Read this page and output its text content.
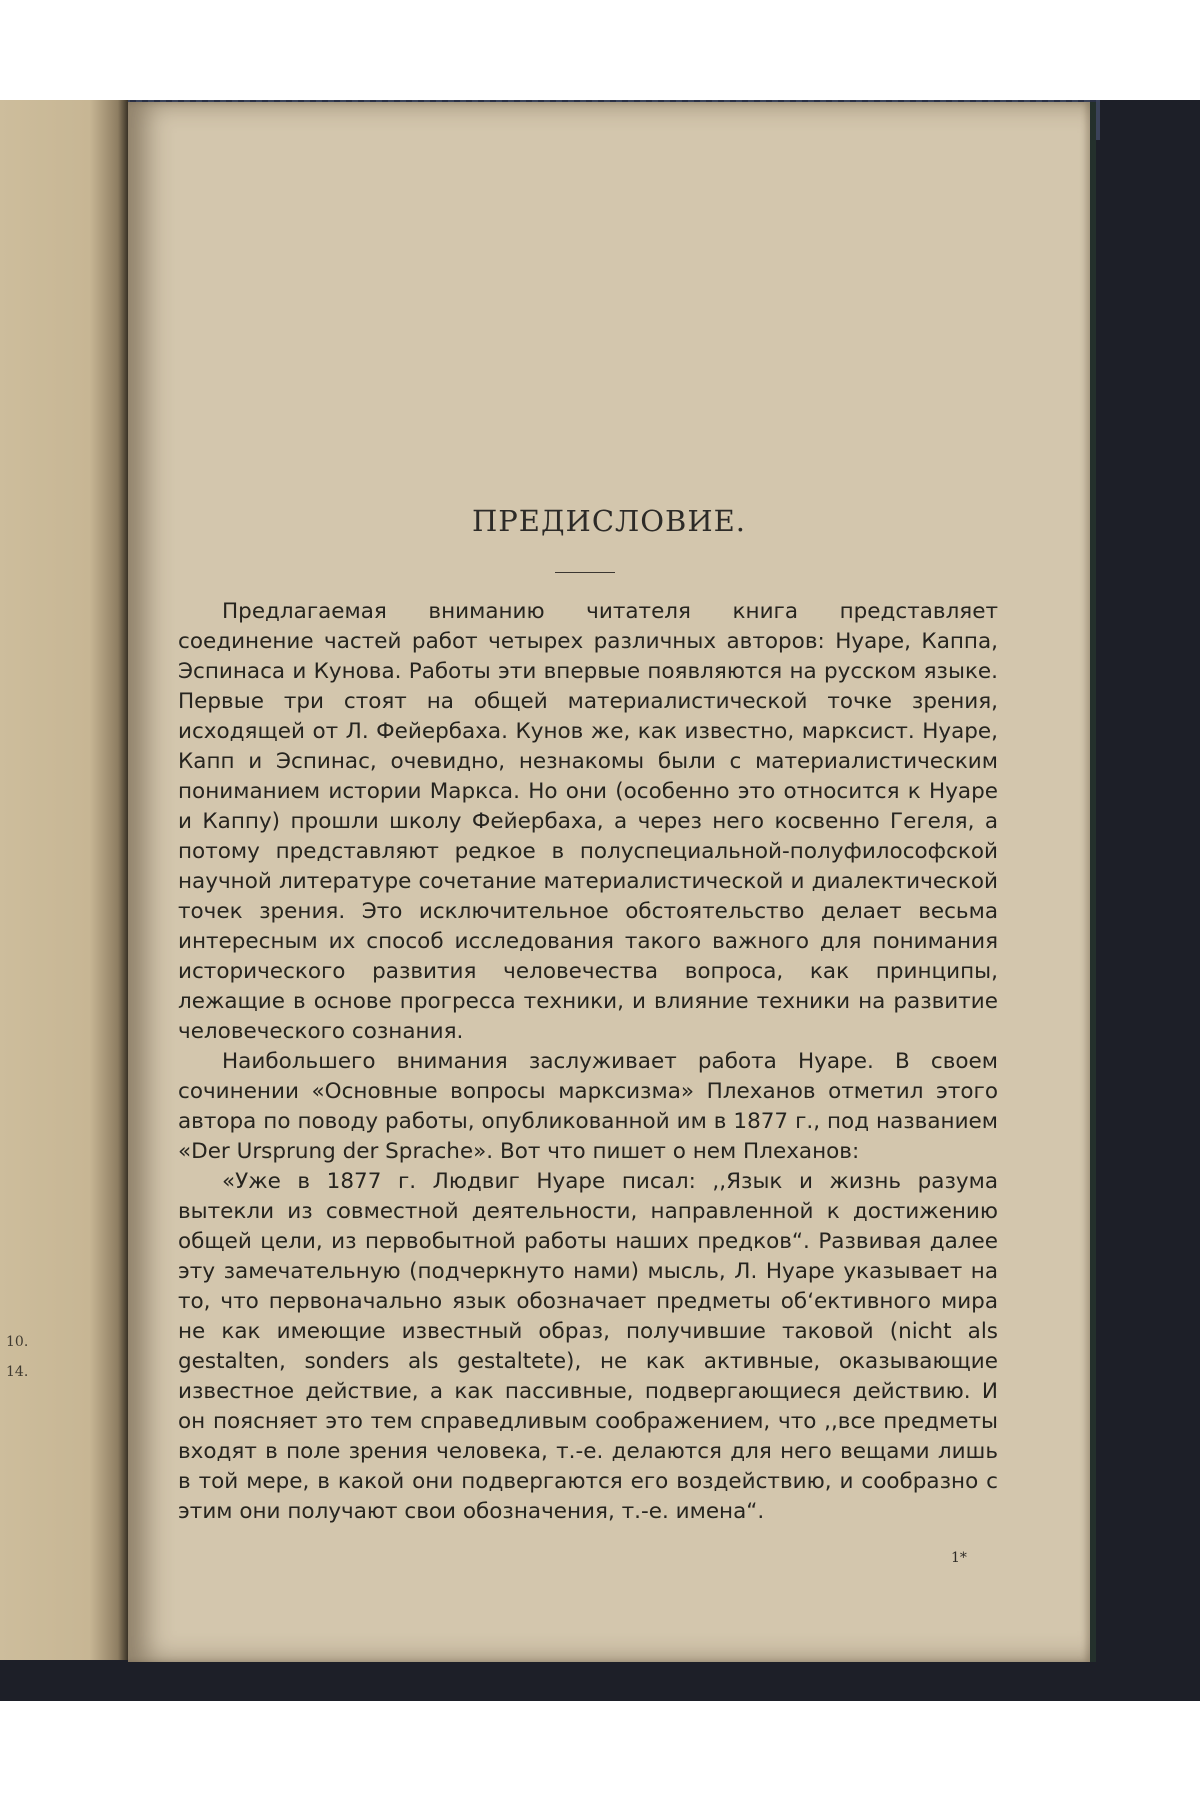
10.
14.
ПРЕДИСЛОВИЕ.

Предлагаемая вниманию читателя книга представляет соединение частей работ четырех различных авторов: Нуаре, Каппа, Эспинаса и Кунова. Работы эти впервые появляются на русском языке. Первые три стоят на общей материалистической точке зрения, исходящей от Л. Фейербаха. Кунов же, как известно, марксист. Нуаре, Капп и Эспинас, очевидно, незнакомы были с материалистическим пониманием истории Маркса. Но они (особенно это относится к Нуаре и Каппу) прошли школу Фейербаха, а через него косвенно Гегеля, а потому представляют редкое в полуспециальной-полуфилософской научной литературе сочетание материалистической и диалектической точек зрения. Это исключительное обстоятельство делает весьма интересным их способ исследования такого важного для понимания исторического развития человечества вопроса, как принципы, лежащие в основе прогресса техники, и влияние техники на развитие человеческого сознания.

Наибольшего внимания заслуживает работа Нуаре. В своем сочинении «Основные вопросы марксизма» Плеханов отметил этого автора по поводу работы, опубликованной им в 1877 г., под названием «Der Ursprung der Sprache». Вот что пишет о нем Плеханов:

«Уже в 1877 г. Людвиг Нуаре писал: ,,Язык и жизнь разума вытекли из совместной деятельности, направленной к достижению общей цели, из первобытной работы наших предков“. Развивая далее эту замечательную (подчеркнуто нами) мысль, Л. Нуаре указывает на то, что первоначально язык обозначает предметы об‘ективного мира не как имеющие известный образ, получившие таковой (nicht als gestalten, sonders als gestaltete), не как активные, оказывающие известное действие, а как пассивные, подвергающиеся действию. И он поясняет это тем справедливым соображением, что ,,все предметы входят в поле зрения человека, т.-е. делаются для него вещами лишь в той мере, в какой они подвергаются его воздействию, и сообразно с этим они получают свои обозначения, т.-е. имена“.

1*
